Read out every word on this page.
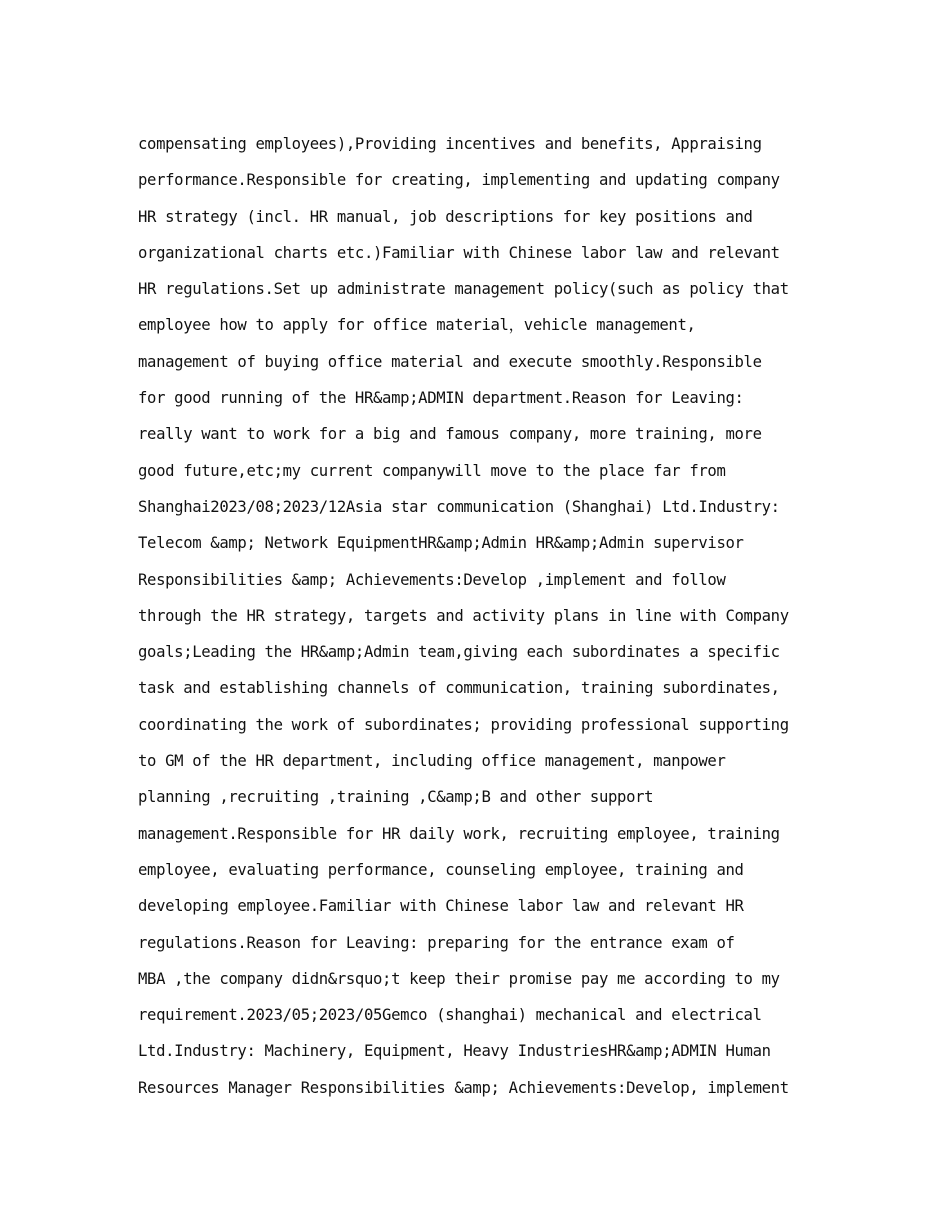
compensating employees),Providing incentives and benefits, Appraising
performance.Responsible for creating, implementing and updating company
HR strategy (incl. HR manual, job descriptions for key positions and
organizational charts etc.)Familiar with Chinese labor law and relevant
HR regulations.Set up administrate management policy(such as policy that
employee how to apply for office material，vehicle management,
management of buying office material and execute smoothly.Responsible
for good running of the HR&amp;ADMIN department.Reason for Leaving:
really want to work for a big and famous company, more training, more
good future,etc;my current companywill move to the place far from
Shanghai2023/08;2023/12Asia star communication (Shanghai) Ltd.Industry:
Telecom &amp; Network EquipmentHR&amp;Admin HR&amp;Admin supervisor
Responsibilities &amp; Achievements:Develop ,implement and follow
through the HR strategy, targets and activity plans in line with Company
goals;Leading the HR&amp;Admin team,giving each subordinates a specific
task and establishing channels of communication, training subordinates,
coordinating the work of subordinates; providing professional supporting
to GM of the HR department, including office management, manpower
planning ,recruiting ,training ,C&amp;B and other support
management.Responsible for HR daily work, recruiting employee, training
employee, evaluating performance, counseling employee, training and
developing employee.Familiar with Chinese labor law and relevant HR
regulations.Reason for Leaving: preparing for the entrance exam of
MBA ,the company didn&rsquo;t keep their promise pay me according to my
requirement.2023/05;2023/05Gemco (shanghai) mechanical and electrical
Ltd.Industry: Machinery, Equipment, Heavy IndustriesHR&amp;ADMIN Human
Resources Manager Responsibilities &amp; Achievements:Develop, implement
